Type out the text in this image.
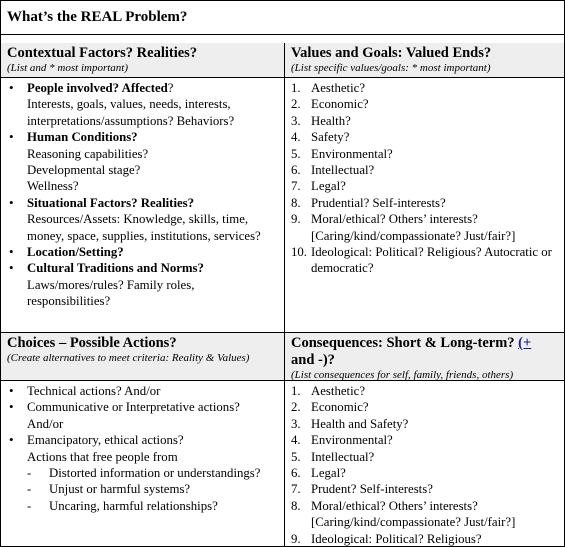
What’s the REAL Problem?
Contextual Factors? Realities?
(List and * most important)
Values and Goals: Valued Ends?
(List specific values/goals: * most important)
• People involved? Affected?
Interests, goals, values, needs, interests, interpretations/assumptions? Behaviors?
• Human Conditions?
Reasoning capabilities?
Developmental stage?
Wellness?
• Situational Factors? Realities?
Resources/Assets: Knowledge, skills, time, money, space, supplies, institutions, services?
• Location/Setting?
• Cultural Traditions and Norms?
Laws/mores/rules? Family roles, responsibilities?
1. Aesthetic?
2. Economic?
3. Health?
4. Safety?
5. Environmental?
6. Intellectual?
7. Legal?
8. Prudential? Self-interests?
9. Moral/ethical? Others’ interests? [Caring/kind/compassionate? Just/fair?]
10. Ideological: Political? Religious? Autocratic or democratic?
Choices – Possible Actions?
(Create alternatives to meet criteria: Reality & Values)
Consequences: Short & Long-term? (+ and -)?
(List consequences for self, family, friends, others)
• Technical actions? And/or
• Communicative or Interpretative actions? And/or
• Emancipatory, ethical actions?
Actions that free people from
- Distorted information or understandings?
- Unjust or harmful systems?
- Uncaring, harmful relationships?
1. Aesthetic?
2. Economic?
3. Health and Safety?
4. Environmental?
5. Intellectual?
6. Legal?
7. Prudent? Self-interests?
8. Moral/ethical? Others’ interests? [Caring/kind/compassionate? Just/fair?]
9. Ideological: Political? Religious?
